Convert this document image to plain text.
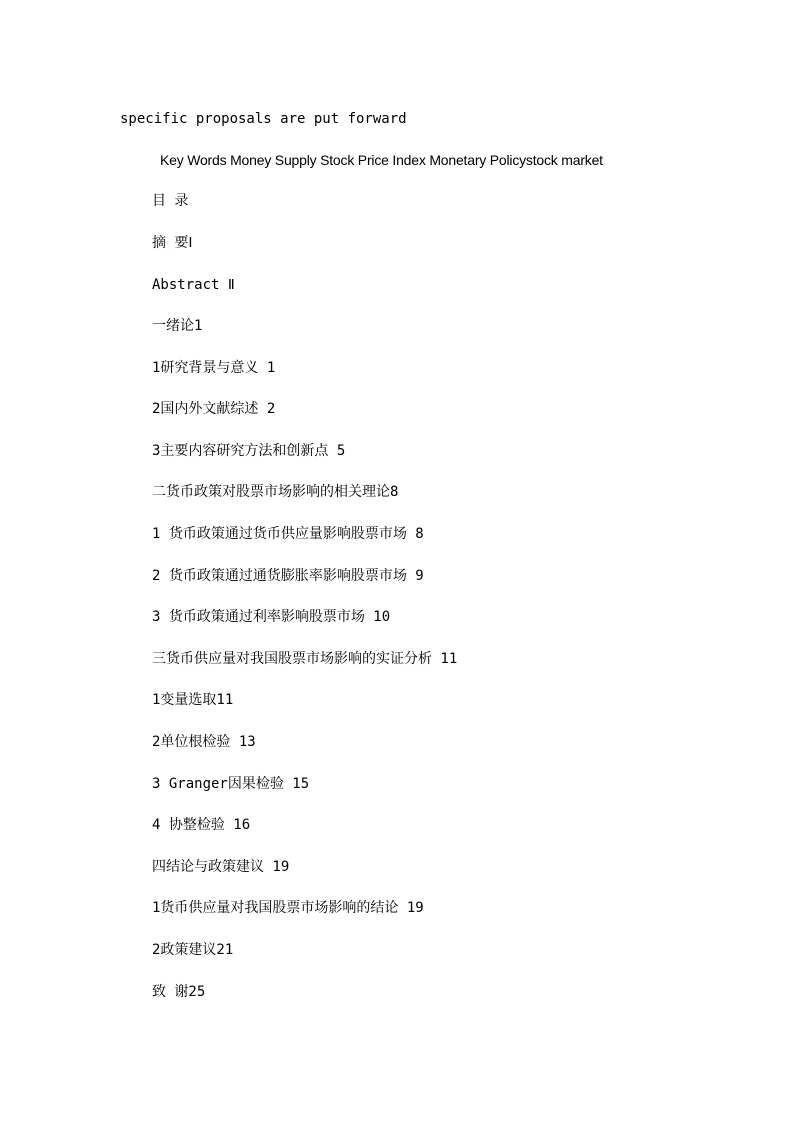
specific proposals are put forward
Key Words Money Supply Stock Price Index Monetary Policystock market
目 录
摘 要Ⅰ
Abstract Ⅱ
一绪论1
1研究背景与意义 1
2国内外文献综述 2
3主要内容研究方法和创新点 5
二货币政策对股票市场影响的相关理论8
1 货币政策通过货币供应量影响股票市场 8
2 货币政策通过通货膨胀率影响股票市场 9
3 货币政策通过利率影响股票市场 10
三货币供应量对我国股票市场影响的实证分析 11
1变量选取11
2单位根检验 13
3 Granger因果检验 15
4 协整检验 16
四结论与政策建议 19
1货币供应量对我国股票市场影响的结论 19
2政策建议21
致 谢25
